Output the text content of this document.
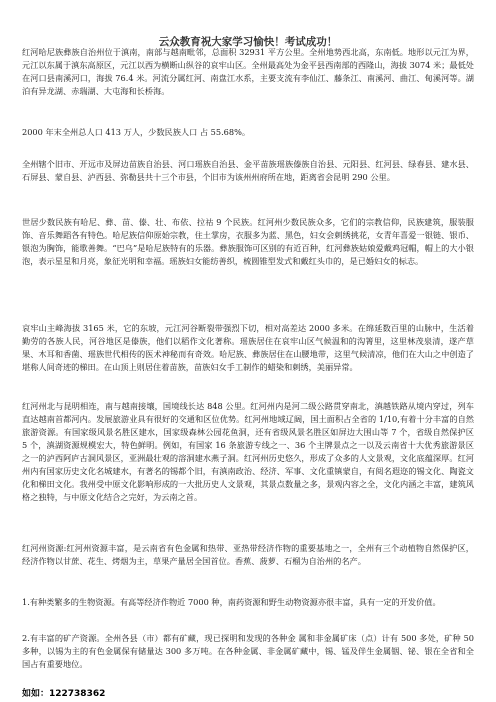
云众教育祝大家学习愉快！考试成功！

红河哈尼族彝族自治州位于滇南，南部与越南毗邻，总面积 32931 平方公里。全州地势西北高，东南低。地形以元江为界，元江以东属于滇东高原区，元江以西为横断山纵谷的哀牢山区。全州最高处为金平县西南部的西隆山，海拔 3074 米；最低处在河口县南溪河口，海拔 76.4 米。河流分属红河、南盘江水系，主要支流有李仙江、藤条江、南溪河、曲江、甸溪河等。湖泊有异龙湖、赤瑞湖、大屯海和长桥海。

2000 年末全州总人口 413 万人，少数民族人口 占 55.68%。

全州辖个旧市、开远市及屏边苗族自治县、河口瑶族自治县、金平苗族瑶族傣族自治县、元阳县、红河县、绿春县、建水县、石屏县、蒙自县、泸西县、弥勒县共十三个市县，个旧市为该州州府所在地，距离省会昆明 290 公里。

世居少数民族有哈尼、彝、苗、傣、壮、布依、拉祜 9 个民族。红河州少数民族众多，它们的宗教信仰，民族建筑，服装服饰、音乐舞蹈各有特色。哈尼族信仰原始宗教，住土掌房，衣服多为蓝、黑色，妇女会刺绣挑花，女青年喜爱一银链、银币、银泡为胸饰，能歌善舞。“巴乌”是哈尼族特有的乐器。彝族服饰可区别的有近百种，红河彝族姑娘爱戴鸡冠帽，帽上的大小银泡，表示星星和月亮，象征光明和幸福。瑶族妇女能纺善织，梳圆锥型发式和戴红头巾的，是已婚妇女的标志。

哀牢山主峰海拔 3165 米，它的东坡，元江河谷断裂带强烈下切，相对高差达 2000 多米。在绵延数百里的山脉中，生活着勤劳的各族人民，河谷地区是傣族，他们以稻作文化著称。瑶族居住在哀牢山区气候温和的沟箐里，这里林茂泉清，遂产草果、木耳和香菌、瑶族世代相传的医术神秘而有奇效。哈尼族、彝族居住在山腰地带，这里气候清凉，他们在大山之中创造了堪称人间奇迹的梯田。在山顶上则居住着苗族，苗族妇女手工制作的蜡染和刺绣，美丽异常。

红河州北与昆明相连，南与越南接壤，国境线长达 848 公里。红河州内是河二级公路贯穿南北，滇越铁路从境内穿过，列车直达越南首都河内。发展旅游业具有很好的交通和区位优势。红河州地域辽阔，国土面积占全省的 1/10,有着十分丰富的自然旅游资源。有国家级风景名胜区建水，国家级森林公园花鱼洞，还有省级风景名胜区如屏边大围山等 7 个，省级自然保护区 5 个，滇湖资源规模宏大，特色鲜明。例如，有国家 16 条旅游专线之一、36 个主牌景点之一以及云南省十大优秀旅游景区之一的泸西阿庐古洞风景区，亚洲最壮观的溶洞建水燕子洞。红河州历史悠久，形成了众多的人文景观，文化底蕴深厚。红河州内有国家历史文化名城建水，有著名的锡都个旧，有滇南政治、经济、军事、文化重镇蒙自，有阅名遐迩的锡文化、陶瓷文化和梯田文化。我州受中原文化影响形成的一大批历史人文景观，其景点数量之多，景观内容之全，文化内涵之丰富，建筑风格之独特，与中原文化结合之完好，为云南之首。

红河州资源:红河州资源丰富，是云南省有色金属和热带、亚热带经济作物的重要基地之一，全州有三个动植物自然保护区，经济作物以甘蔗、花生、烤烟为主，草果产量居全国首位。香蕉、菠萝、石榴为自治州的名产。

1.有种类繁多的生物资源。有高等经济作物近 7000 种，南药资源和野生动物资源亦很丰富，具有一定的开发价值。

2.有丰富的矿产资源。全州各县（市）都有矿藏，现已探明和发现的各种金 属和非金属矿床（点）计有 500 多处，矿种 50 多种，以锡为主的有色金属保有储量达 300 多万吨。在各种金属、非金属矿藏中，锡、锰及伴生金属铟、铋、银在全省和全国占有重要地位。

如如：122738362
